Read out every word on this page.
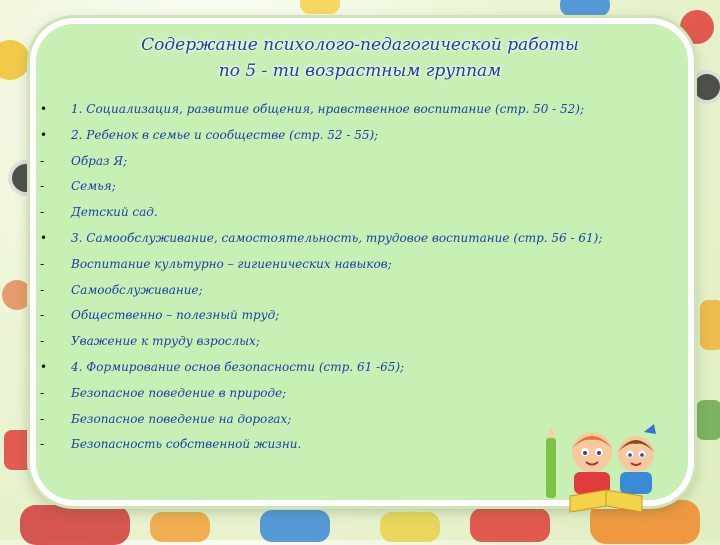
Содержание психолого-педагогической работы
по 5 - ти возрастным группам
• 1. Социализация, развитие общения, нравственное воспитание (стр. 50 - 52);
• 2. Ребенок в семье и сообществе (стр. 52 - 55);
- Образ Я;
- Семья;
- Детский сад.
• 3. Самообслуживание, самостоятельность, трудовое воспитание (стр. 56 - 61);
- Воспитание культурно – гигиенических навыков;
- Самообслуживание;
- Общественно – полезный труд;
- Уважение к труду взрослых;
• 4. Формирование основ безопасности (стр. 61 -65);
- Безопасное поведение в природе;
- Безопасное поведение на дорогах;
- Безопасность собственной жизни.
